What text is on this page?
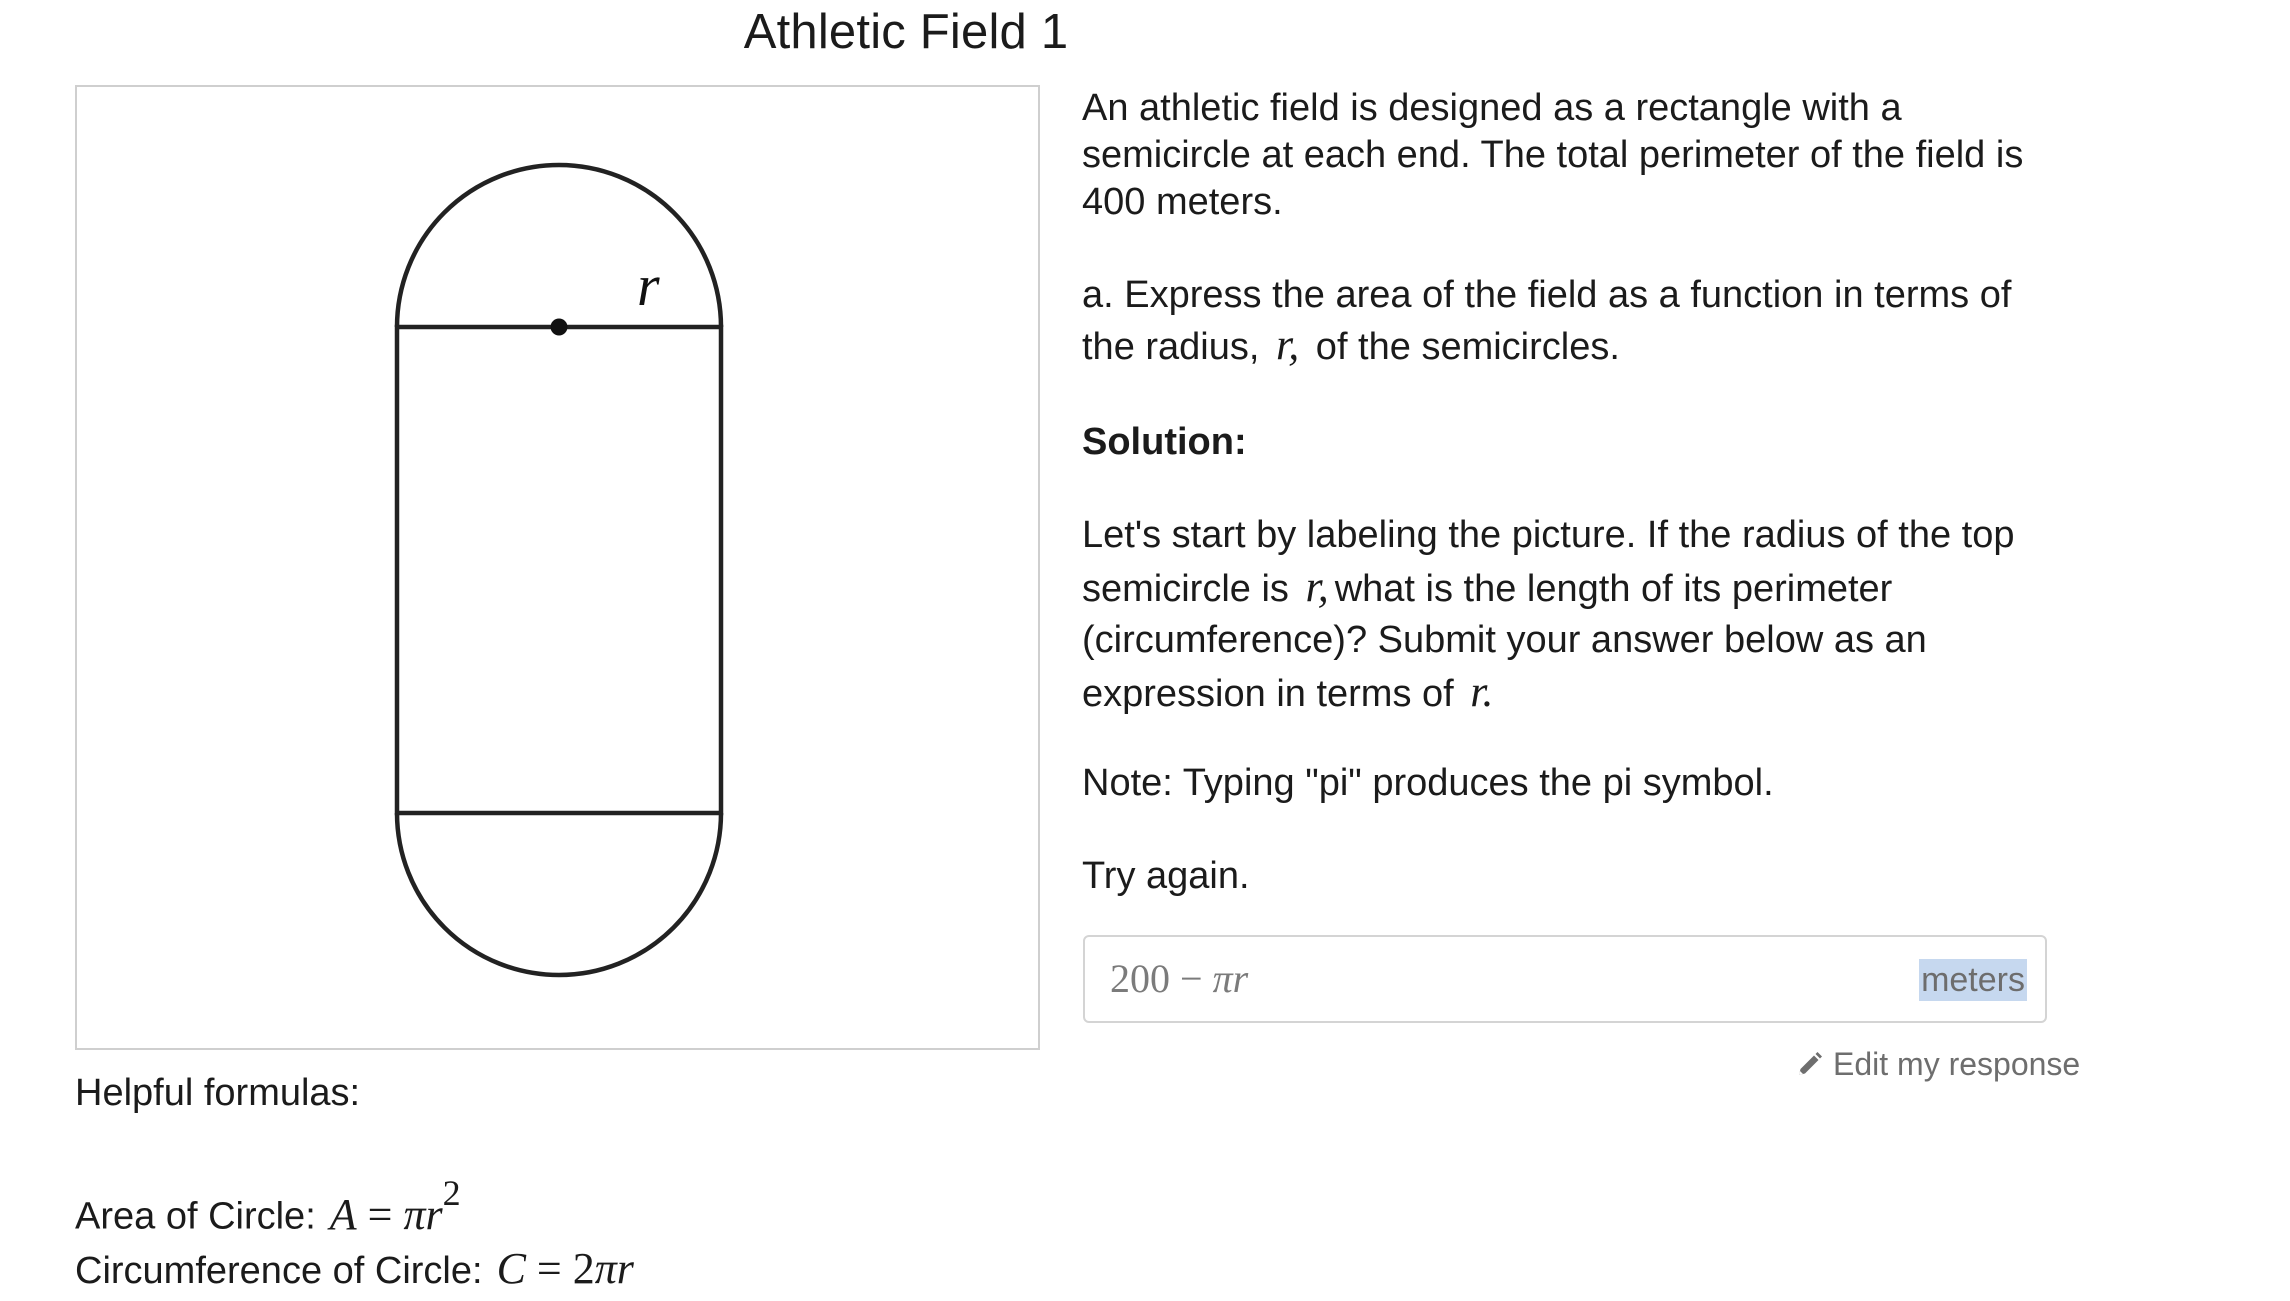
Athletic Field 1
r
Helpful formulas:
Area of Circle: $A = \pi r^2$
Circumference of Circle: C = 2πr

An athletic field is designed as a rectangle with a semicircle at each end. The total perimeter of the field is 400 meters.

a. Express the area of the field as a function in terms of the radius, r, of the semicircles.

Solution:

Let's start by labeling the picture. If the radius of the top semicircle is r, what is the length of its perimeter (circumference)? Submit your answer below as an expression in terms of r.

Note: Typing "pi" produces the pi symbol.

Try again.

200 − πr	meters
Edit my response
